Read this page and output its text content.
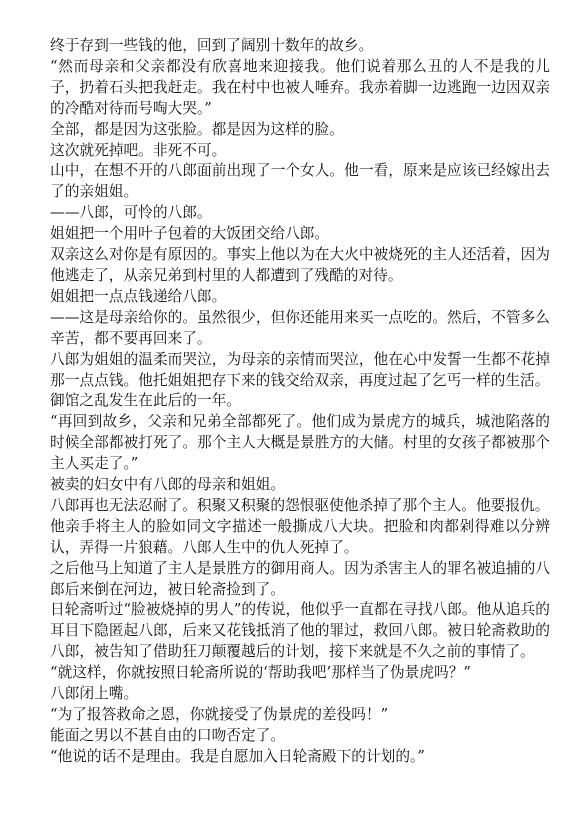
终于存到一些钱的他，回到了阔别十数年的故乡。

“然而母亲和父亲都没有欣喜地来迎接我。他们说着那么丑的人不是我的儿子，扔着石头把我赶走。我在村中也被人唾弃。我赤着脚一边逃跑一边因双亲的冷酷对待而号啕大哭。”

全部，都是因为这张脸。都是因为这样的脸。

这次就死掉吧。非死不可。

山中，在想不开的八郎面前出现了一个女人。他一看，原来是应该已经嫁出去了的亲姐姐。

——八郎，可怜的八郎。

姐姐把一个用叶子包着的大饭团交给八郎。

双亲这么对你是有原因的。事实上他以为在大火中被烧死的主人还活着，因为他逃走了，从亲兄弟到村里的人都遭到了残酷的对待。

姐姐把一点点钱递给八郎。

——这是母亲给你的。虽然很少，但你还能用来买一点吃的。然后，不管多么辛苦，都不要再回来了。

八郎为姐姐的温柔而哭泣，为母亲的亲情而哭泣，他在心中发誓一生都不花掉那一点点钱。他托姐姐把存下来的钱交给双亲，再度过起了乞丐一样的生活。

御馆之乱发生在此后的一年。

“再回到故乡，父亲和兄弟全部都死了。他们成为景虎方的城兵，城池陷落的时候全部都被打死了。那个主人大概是景胜方的大储。村里的女孩子都被那个主人买走了。”

被卖的妇女中有八郎的母亲和姐姐。

八郎再也无法忍耐了。积聚又积聚的怨恨驱使他杀掉了那个主人。他要报仇。

他亲手将主人的脸如同文字描述一般撕成八大块。把脸和肉都剁得难以分辨认，弄得一片狼藉。八郎人生中的仇人死掉了。

之后他马上知道了主人是景胜方的御用商人。因为杀害主人的罪名被追捕的八郎后来倒在河边，被日轮斋捡到了。

日轮斋听过“脸被烧掉的男人”的传说，他似乎一直都在寻找八郎。他从追兵的耳目下隐匿起八郎，后来又花钱抵消了他的罪过，救回八郎。被日轮斋救助的八郎，被告知了借助狂刀颠覆越后的计划，接下来就是不久之前的事情了。

“就这样，你就按照日轮斋所说的‘帮助我吧’那样当了伪景虎吗？”

八郎闭上嘴。

“为了报答救命之恩，你就接受了伪景虎的差役吗！”

能面之男以不甚自由的口吻否定了。

“他说的话不是理由。我是自愿加入日轮斋殿下的计划的。”
